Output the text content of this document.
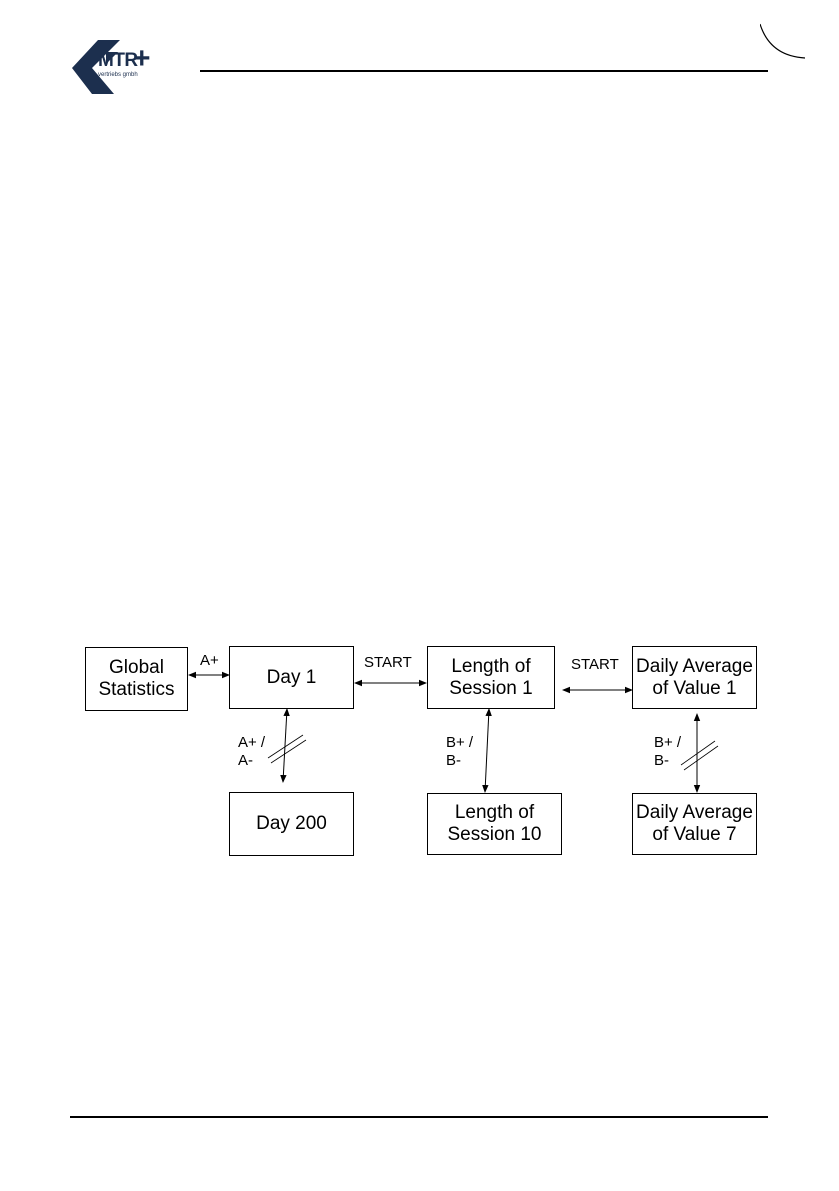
MTR
+
vertriebs gmbh
Global
Statistics
Day 1
Day 200
Length of
Session 1
Length of
Session 10
Daily Average
of Value 1
Daily Average
of Value 7
A+	START	START
A+ /
A-
B+ /
B-
B+ /
B-
